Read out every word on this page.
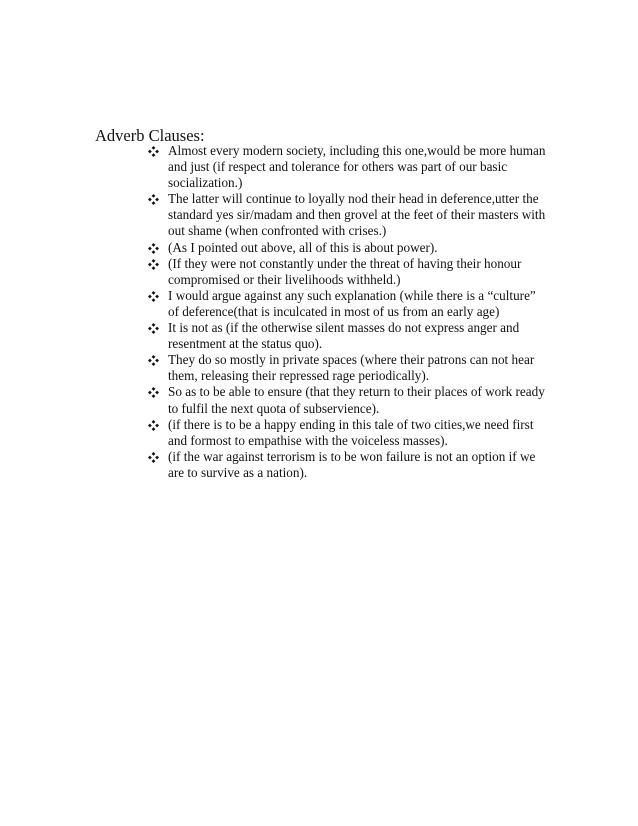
Adverb Clauses:
Almost every modern society, including this one,would be more human and just (if respect and tolerance for others was part of our basic socialization.)
The latter will continue to loyally nod their head in deference,utter the standard yes sir/madam and then grovel at the feet of their masters with out shame (when confronted with crises.)
(As I pointed out above, all of this is about power).
(If they were not constantly under the threat of having their honour compromised or their livelihoods withheld.)
I would argue against any such explanation (while there is a “culture” of deference(that is inculcated in most of us from an early age)
It is not as (if the otherwise silent masses do not express anger and resentment at the status quo).
They do so mostly in private spaces (where their patrons can not hear them, releasing their repressed rage periodically).
So as to be able to ensure (that they return to their places of work ready to fulfil the next quota of subservience).
(if there is to be a happy ending in this tale of two cities,we need first and formost to empathise with the voiceless masses).
(if the war against terrorism is to be won failure is not an option if we are to survive as a nation).
